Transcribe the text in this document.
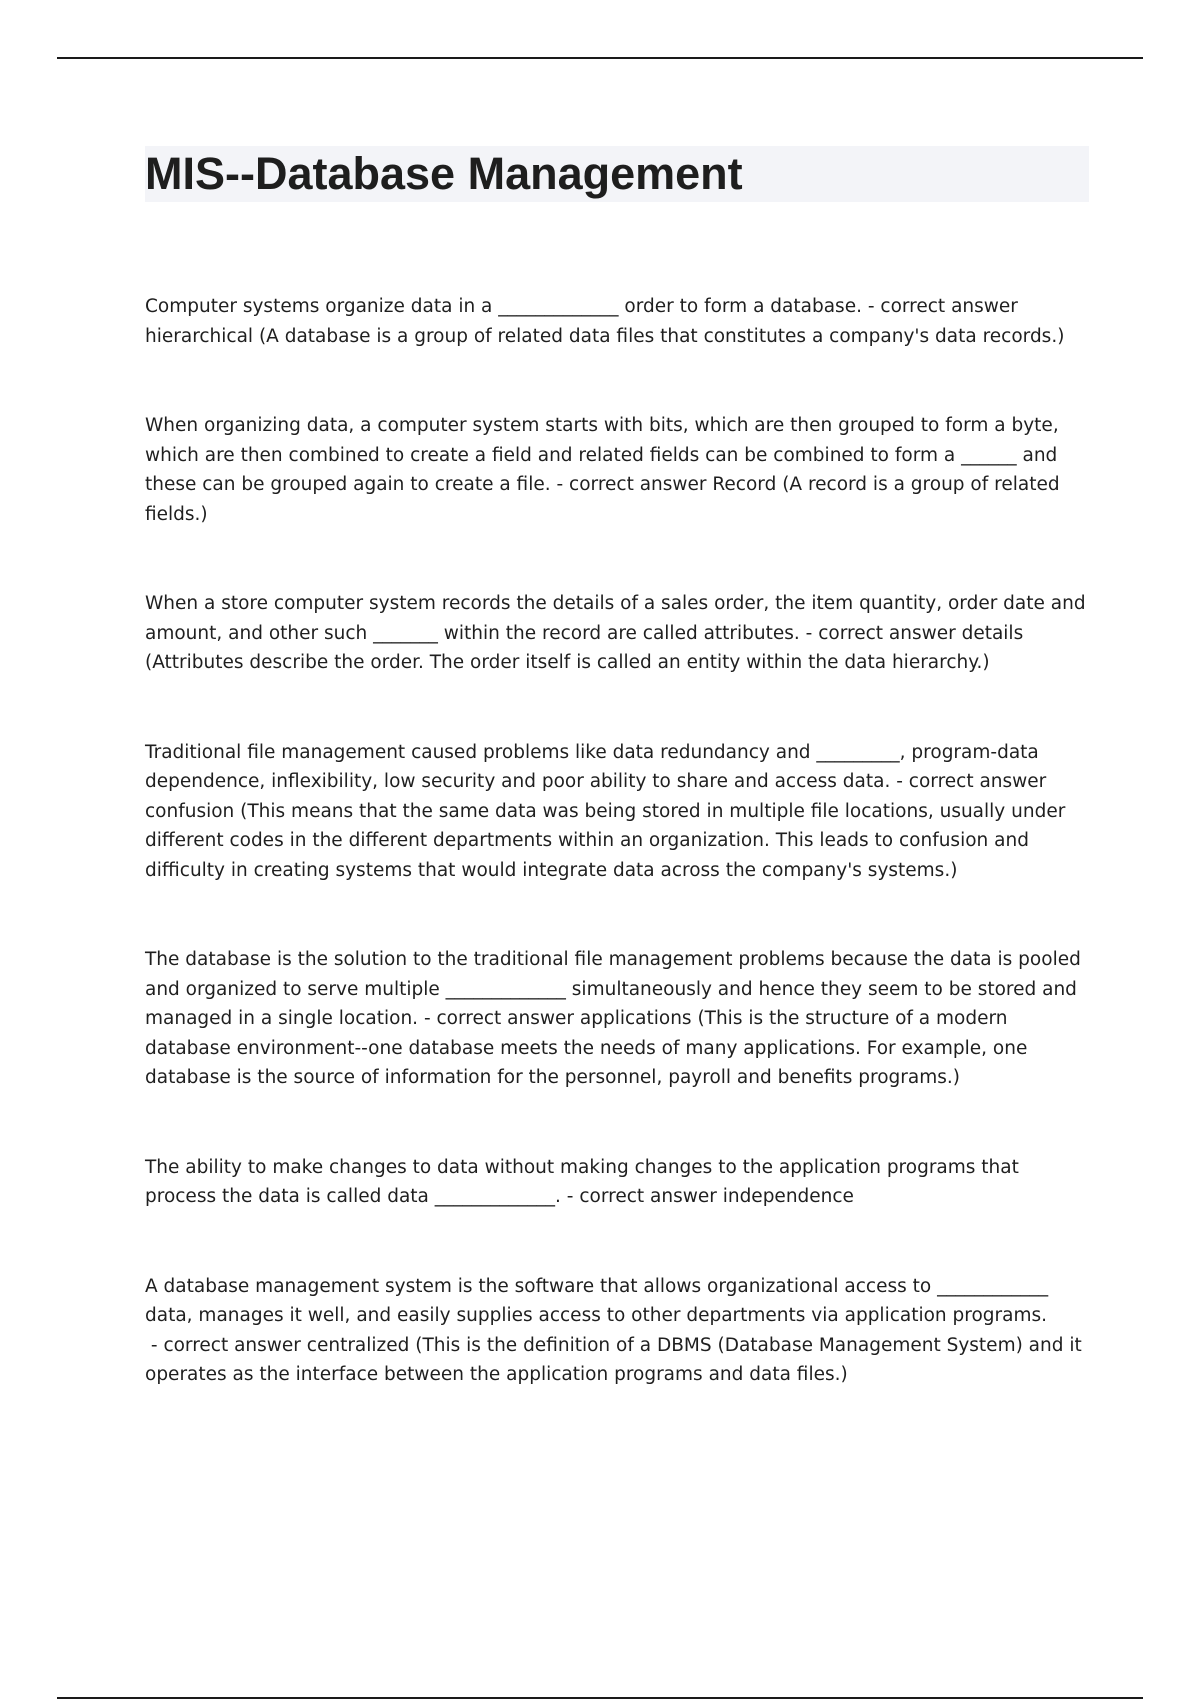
MIS--Database Management

Computer systems organize data in a _____________ order to form a database. - correct answer hierarchical (A database is a group of related data files that constitutes a company's data records.)

When organizing data, a computer system starts with bits, which are then grouped to form a byte, which are then combined to create a field and related fields can be combined to form a ______ and these can be grouped again to create a file. - correct answer Record (A record is a group of related fields.)

When a store computer system records the details of a sales order, the item quantity, order date and amount, and other such _______ within the record are called attributes. - correct answer details (Attributes describe the order. The order itself is called an entity within the data hierarchy.)

Traditional file management caused problems like data redundancy and _________, program-data dependence, inflexibility, low security and poor ability to share and access data. - correct answer confusion (This means that the same data was being stored in multiple file locations, usually under different codes in the different departments within an organization. This leads to confusion and difficulty in creating systems that would integrate data across the company's systems.)

The database is the solution to the traditional file management problems because the data is pooled and organized to serve multiple _____________ simultaneously and hence they seem to be stored and managed in a single location. - correct answer applications (This is the structure of a modern database environment--one database meets the needs of many applications. For example, one database is the source of information for the personnel, payroll and benefits programs.)

The ability to make changes to data without making changes to the application programs that process the data is called data _____________. - correct answer independence

A database management system is the software that allows organizational access to ____________ data, manages it well, and easily supplies access to other departments via application programs. - correct answer centralized (This is the definition of a DBMS (Database Management System) and it operates as the interface between the application programs and data files.)
